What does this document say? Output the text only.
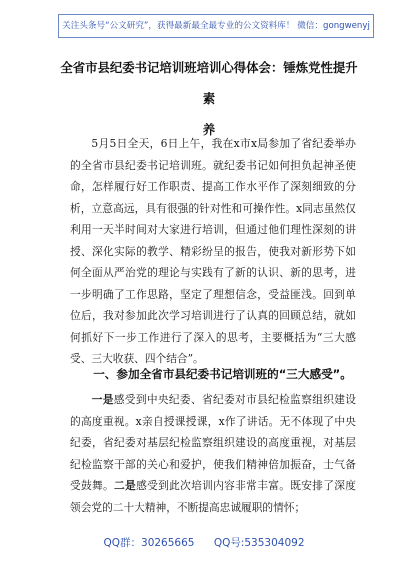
关注头条号“公文研究”，获得最新最全最专业的公文资料库！ 微信：gongwenyj
全省市县纪委书记培训班培训心得体会：锤炼党性提升素
养

  5月5日全天，6日上午，我在x市x局参加了省纪委举办的全省市县纪委书记培训班。就纪委书记如何担负起神圣使命，怎样履行好工作职责、提高工作水平作了深刻细致的分析，立意高远，具有很强的针对性和可操作性。x同志虽然仅利用一天半时间对大家进行培训，但通过他们理性深刻的讲授、深化实际的教学、精彩纷呈的报告，使我对新形势下如何全面从严治党的理论与实践有了新的认识、新的思考，进一步明确了工作思路，坚定了理想信念，受益匪浅。回到单位后，我对参加此次学习培训进行了认真的回顾总结，就如何抓好下一步工作进行了深入的思考，主要概括为“三大感受、三大收获、四个结合”。

  一、参加全省市县纪委书记培训班的“三大感受”。

  一是感受到中央纪委、省纪委对市县纪检监察组织建设的高度重视。x亲自授课授课，x作了讲话。无不体现了中央纪委，省纪委对基层纪检监察组织建设的高度重视，对基层纪检监察干部的关心和爱护，使我们精神倍加振奋，士气备受鼓舞。二是感受到此次培训内容非常丰富。既安排了深度领会党的二十大精神，不断提高忠诚履职的情怀；

QQ群：30265665 QQ号:535304092
